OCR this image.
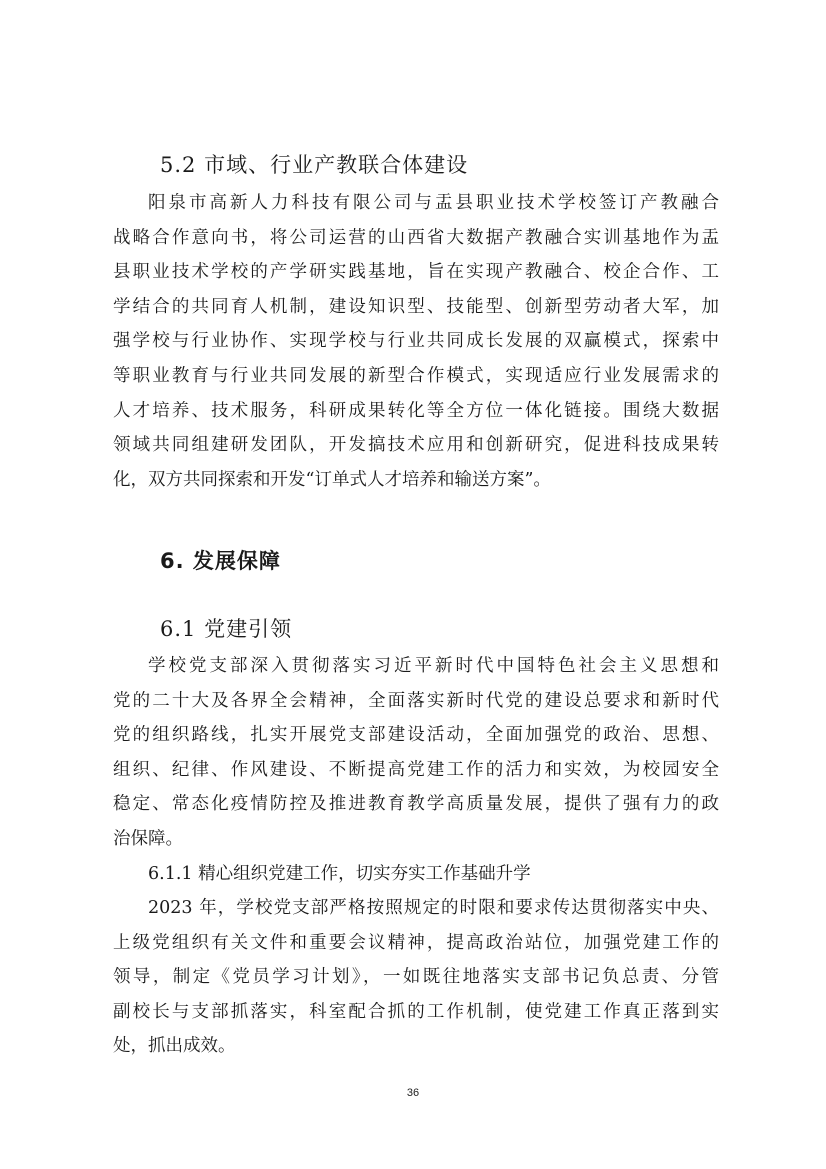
5.2 市域、行业产教联合体建设
阳泉市高新人力科技有限公司与盂县职业技术学校签订产教融合
战略合作意向书，将公司运营的山西省大数据产教融合实训基地作为盂
县职业技术学校的产学研实践基地，旨在实现产教融合、校企合作、工
学结合的共同育人机制，建设知识型、技能型、创新型劳动者大军，加
强学校与行业协作、实现学校与行业共同成长发展的双赢模式，探索中
等职业教育与行业共同发展的新型合作模式，实现适应行业发展需求的
人才培养、技术服务，科研成果转化等全方位一体化链接。围绕大数据
领域共同组建研发团队，开发搞技术应用和创新研究，促进科技成果转
化，双方共同探索和开发“订单式人才培养和输送方案”。
6. 发展保障
6.1 党建引领
学校党支部深入贯彻落实习近平新时代中国特色社会主义思想和
党的二十大及各界全会精神，全面落实新时代党的建设总要求和新时代
党的组织路线，扎实开展党支部建设活动，全面加强党的政治、思想、
组织、纪律、作风建设、不断提高党建工作的活力和实效，为校园安全
稳定、常态化疫情防控及推进教育教学高质量发展，提供了强有力的政
治保障。
6.1.1 精心组织党建工作，切实夯实工作基础升学
2023 年，学校党支部严格按照规定的时限和要求传达贯彻落实中央、
上级党组织有关文件和重要会议精神，提高政治站位，加强党建工作的
领导，制定《党员学习计划》，一如既往地落实支部书记负总责、分管
副校长与支部抓落实，科室配合抓的工作机制，使党建工作真正落到实
处，抓出成效。
36
